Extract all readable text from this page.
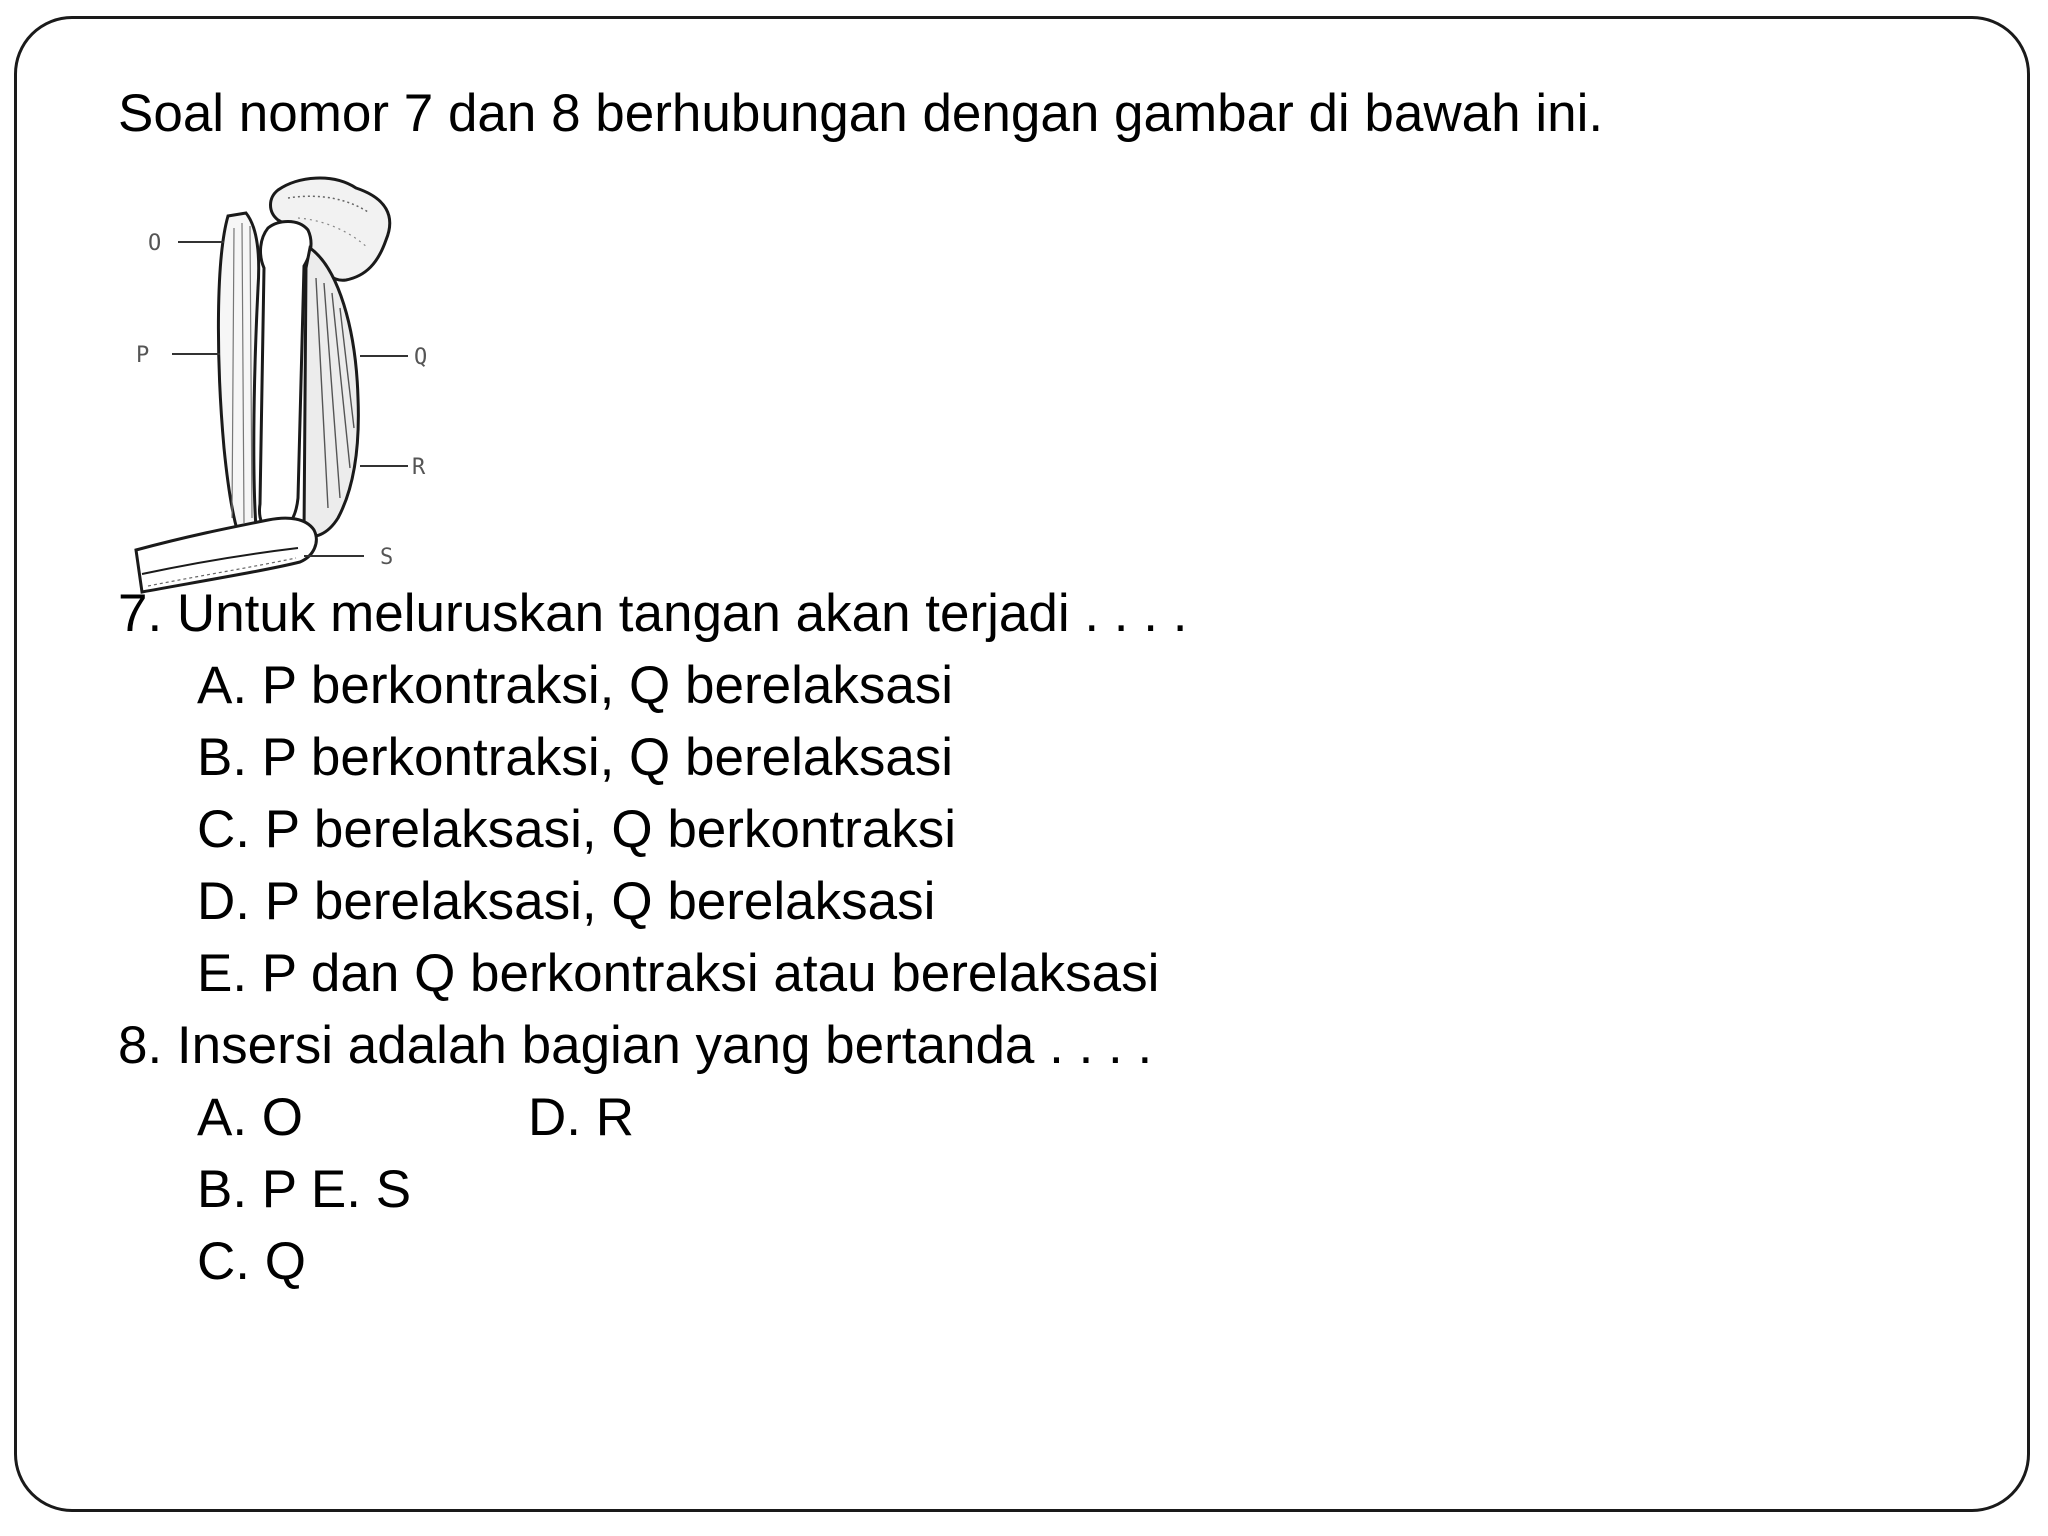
Soal nomor 7 dan 8 berhubungan dengan gambar di bawah ini.
O
P	Q
R
S
7. Untuk meluruskan tangan akan terjadi . . . .
A. P berkontraksi, Q berelaksasi
B. P berkontraksi, Q berelaksasi
C. P berelaksasi, Q berkontraksi
D. P berelaksasi, Q berelaksasi
E. P dan Q berkontraksi atau berelaksasi
8. Insersi adalah bagian yang bertanda . . . .
A. O	D. R
B. P E. S
C. Q
